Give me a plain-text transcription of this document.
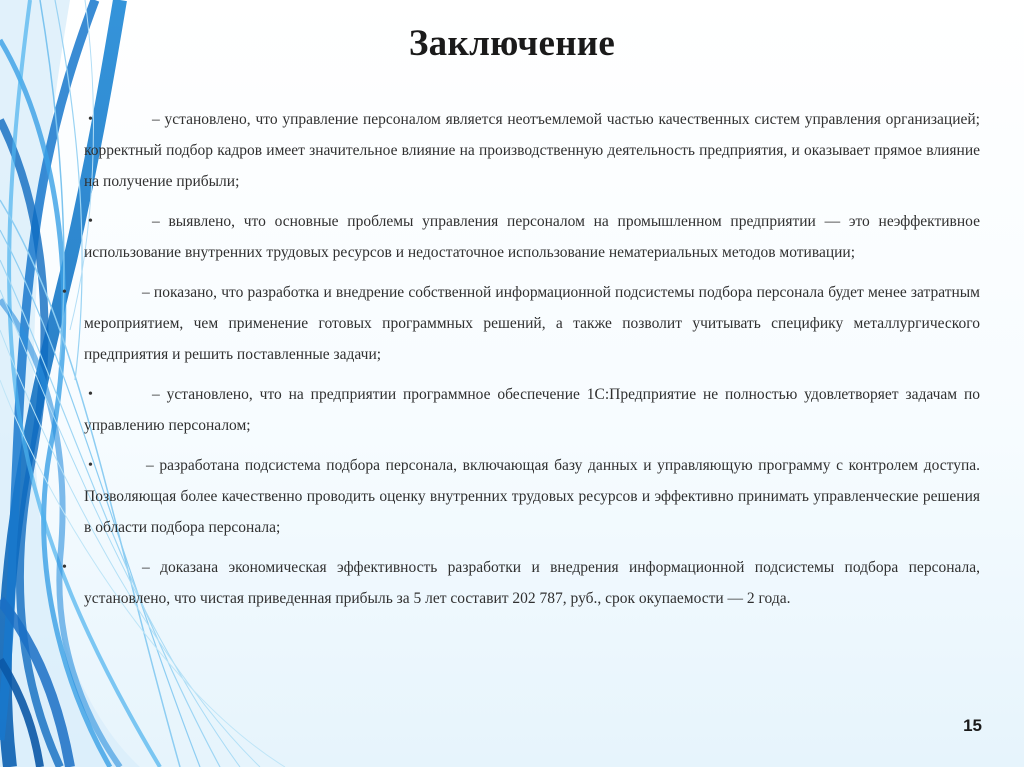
Заключение
•	– установлено, что управление персоналом является неотъемлемой частью качественных систем управления организацией; корректный подбор кадров имеет значительное влияние на производственную деятельность предприятия, и оказывает прямое влияние на получение прибыли;
•	– выявлено, что основные проблемы управления персоналом на промышленном предприятии — это неэффективное использование внутренних трудовых ресурсов и недостаточное использование нематериальных методов мотивации;
•	– показано, что разработка и внедрение собственной информационной подсистемы подбора персонала будет менее затратным мероприятием, чем применение готовых программных решений, а также позволит учитывать специфику металлургического предприятия и решить поставленные задачи;
•	– установлено, что на предприятии программное обеспечение 1С:Предприятие не полностью удовлетворяет задачам по управлению персоналом;
•	– разработана подсистема подбора персонала, включающая базу данных и управляющую программу с контролем доступа. Позволяющая более качественно проводить оценку внутренних трудовых ресурсов и эффективно принимать управленческие решения в области подбора персонала;
•	– доказана экономическая эффективность разработки и внедрения информационной подсистемы подбора персонала, установлено, что чистая приведенная прибыль за 5 лет составит 202 787, руб., срок окупаемости — 2 года.
15
